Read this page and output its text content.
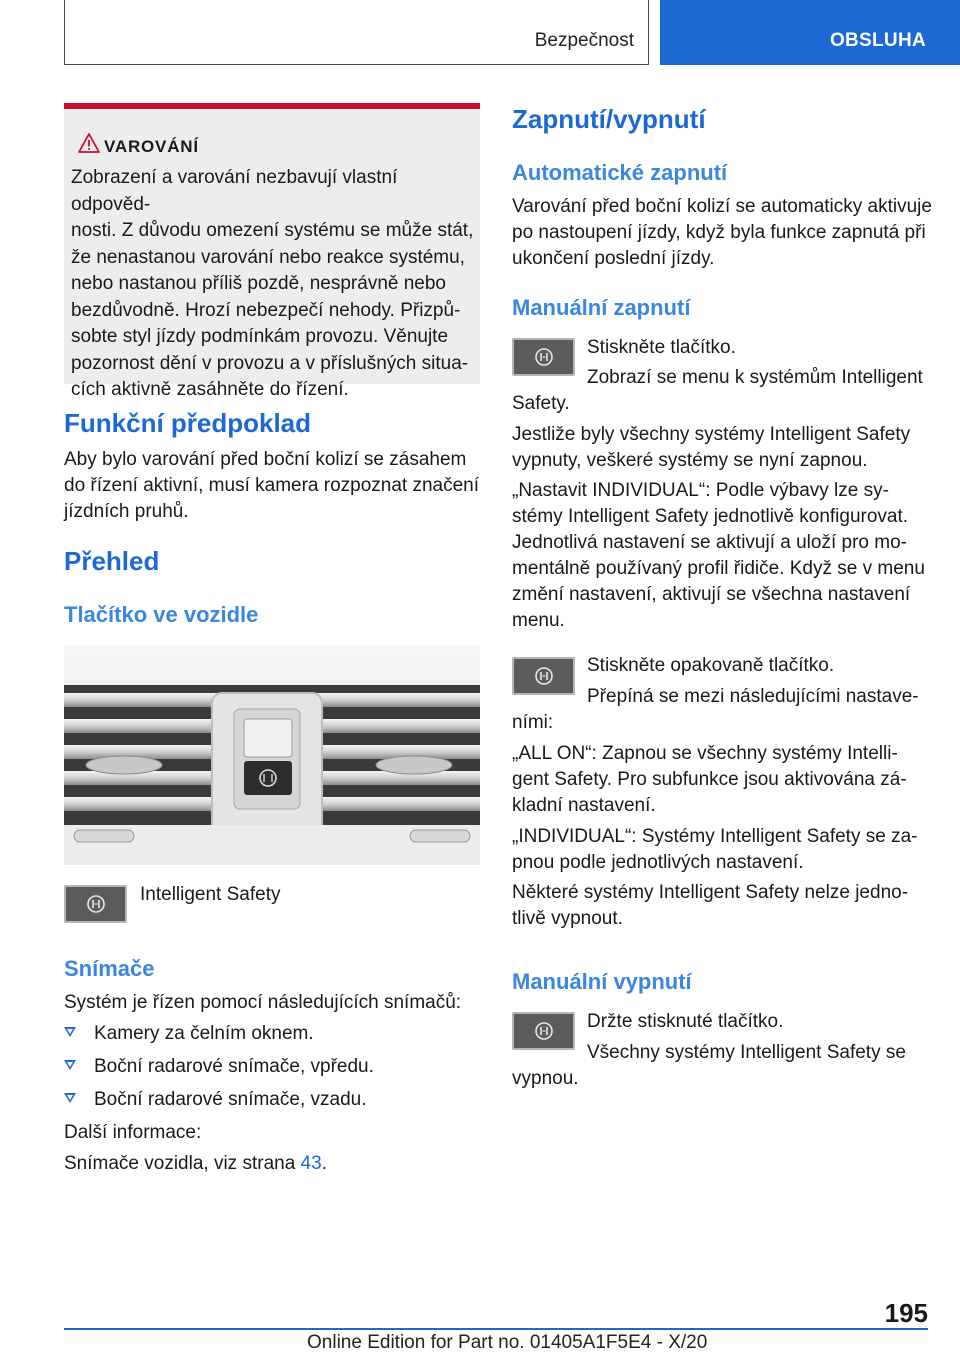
Bezpečnost	OBSLUHA
VAROVÁNÍ
Zobrazení a varování nezbavují vlastní odpověd-
nosti. Z důvodu omezení systému se může stát,
že nenastanou varování nebo reakce systému,
nebo nastanou příliš pozdě, nesprávně nebo
bezdůvodně. Hrozí nebezpečí nehody. Přizpů-
sobte styl jízdy podmínkám provozu. Věnujte
pozornost dění v provozu a v příslušných situa-
cích aktivně zasáhněte do řízení.
Funkční předpoklad
Aby bylo varování před boční kolizí se zásahem
do řízení aktivní, musí kamera rozpoznat značení
jízdních pruhů.
Přehled
Tlačítko ve vozidle
Intelligent Safety
Snímače
Systém je řízen pomocí následujících snímačů:
Kamery za čelním oknem.
Boční radarové snímače, vpředu.
Boční radarové snímače, vzadu.
Další informace:
Snímače vozidla, viz strana 43.
Zapnutí/vypnutí
Automatické zapnutí
Varování před boční kolizí se automaticky aktivuje
po nastoupení jízdy, když byla funkce zapnutá při
ukončení poslední jízdy.
Manuální zapnutí
Stiskněte tlačítko.
Zobrazí se menu k systémům Intelligent
Safety.
Jestliže byly všechny systémy Intelligent Safety
vypnuty, veškeré systémy se nyní zapnou.
„Nastavit INDIVIDUAL“: Podle výbavy lze sy-
stémy Intelligent Safety jednotlivě konfigurovat.
Jednotlivá nastavení se aktivují a uloží pro mo-
mentálně používaný profil řidiče. Když se v menu
změní nastavení, aktivují se všechna nastavení
menu.
Stiskněte opakovaně tlačítko.
Přepíná se mezi následujícími nastave-
ními:
„ALL ON“: Zapnou se všechny systémy Intelli-
gent Safety. Pro subfunkce jsou aktivována zá-
kladní nastavení.
„INDIVIDUAL“: Systémy Intelligent Safety se za-
pnou podle jednotlivých nastavení.
Některé systémy Intelligent Safety nelze jedno-
tlivě vypnout.
Manuální vypnutí
Držte stisknuté tlačítko.
Všechny systémy Intelligent Safety se
vypnou.
195
Online Edition for Part no. 01405A1F5E4 - X/20
